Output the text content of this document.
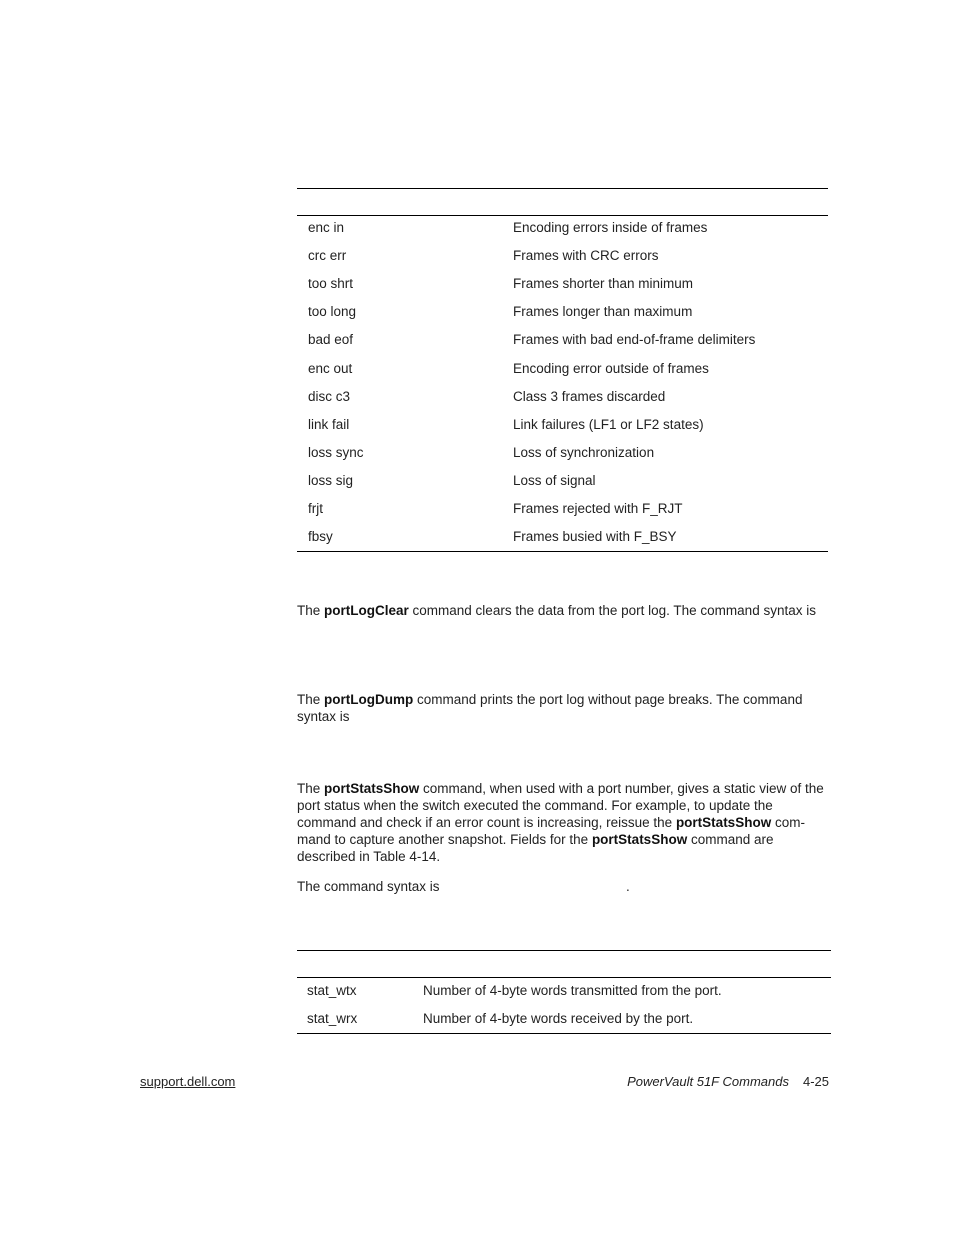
enc in	Encoding errors inside of frames
crc err	Frames with CRC errors
too shrt	Frames shorter than minimum
too long	Frames longer than maximum
bad eof	Frames with bad end-of-frame delimiters
enc out	Encoding error outside of frames
disc c3	Class 3 frames discarded
link fail	Link failures (LF1 or LF2 states)
loss sync	Loss of synchronization
loss sig	Loss of signal
frjt	Frames rejected with F_RJT
fbsy	Frames busied with F_BSY
The portLogClear command clears the data from the port log. The command syntax is
The portLogDump command prints the port log without page breaks. The command syntax is
The portStatsShow command, when used with a port number, gives a static view of the port status when the switch executed the command. For example, to update the command and check if an error count is increasing, reissue the portStatsShow com-mand to capture another snapshot. Fields for the portStatsShow command are described in Table 4-14.
The command syntax is	.
stat_wtx	Number of 4-byte words transmitted from the port.
stat_wrx	Number of 4-byte words received by the port.
support.dell.com	PowerVault 51F Commands 4-25
